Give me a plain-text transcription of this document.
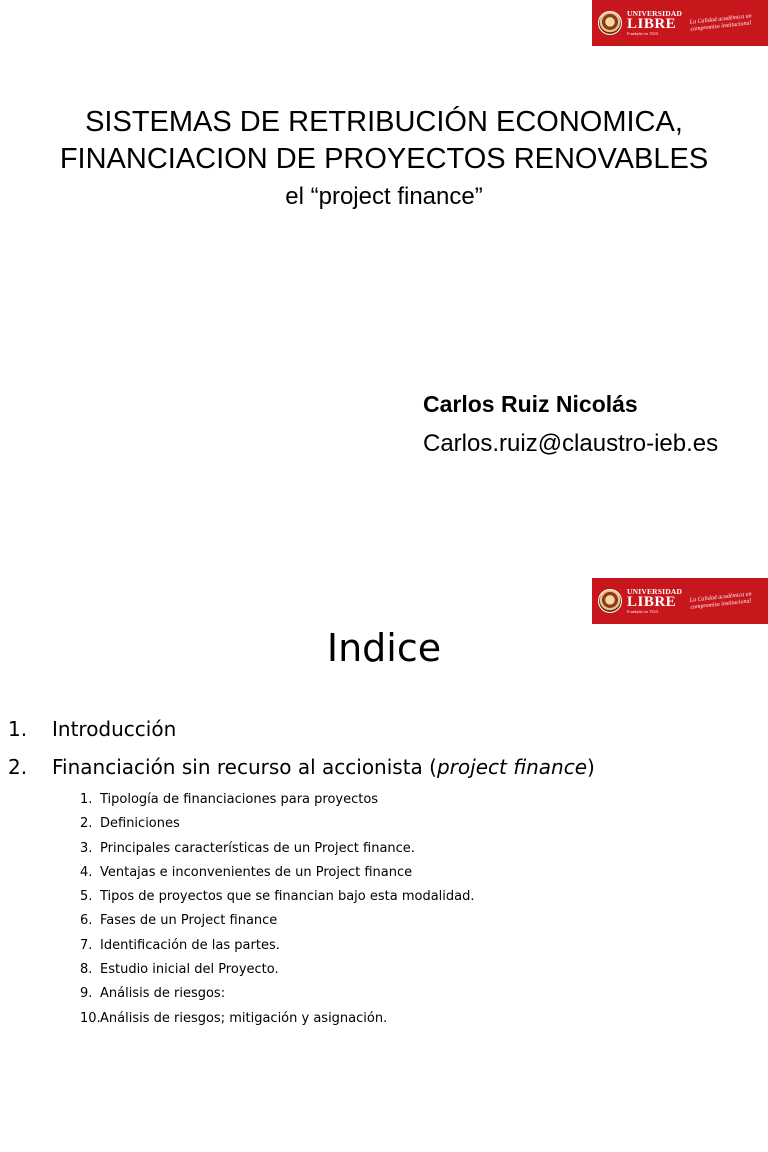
UNIVERSIDAD
LIBRE
Fundada en 1923
La Calidad académica un compromiso institucional
SISTEMAS DE RETRIBUCIÓN ECONOMICA,
FINANCIACION DE PROYECTOS RENOVABLES
el “project finance”
Carlos Ruiz Nicolás
Carlos.ruiz@claustro-ieb.es
UNIVERSIDAD
LIBRE
Fundada en 1923
La Calidad académica un compromiso institucional
Indice
1. Introducción
2. Financiación sin recurso al accionista (project finance)
1. Tipología de financiaciones para proyectos
2. Definiciones
3. Principales características de un Project finance.
4. Ventajas e inconvenientes de un Project finance
5. Tipos de proyectos que se financian bajo esta modalidad.
6. Fases de un Project finance
7. Identificación de las partes.
8. Estudio inicial del Proyecto.
9. Análisis de riesgos:
10.Análisis de riesgos; mitigación y asignación.
